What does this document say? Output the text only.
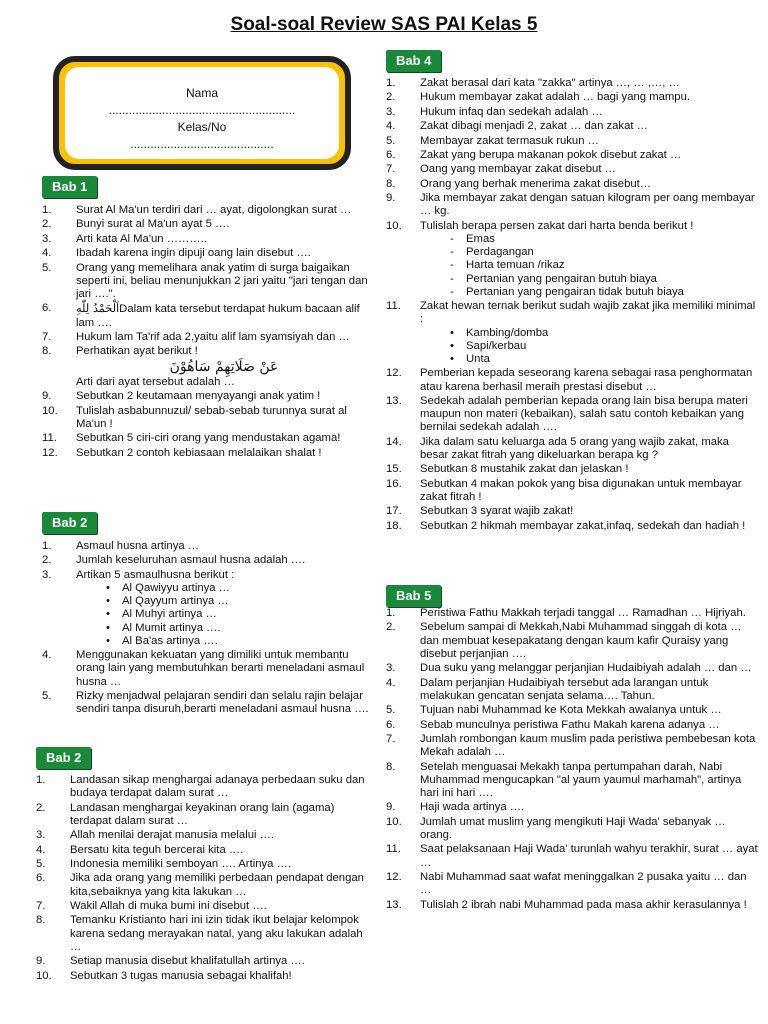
Soal-soal Review SAS PAI Kelas 5
Nama
........................................................
Kelas/No
...........................................
Bab 1
1.	Surat Al Ma'un terdiri dari … ayat, digolongkan surat …
2.	Bunyi surat al Ma'un ayat 5 ….
3.	Arti kata Al Ma'un ………..
4.	Ibadah karena ingin dipuji oang lain disebut ….
5.	Orang yang memelihara anak yatim di surga baigaikan seperti ini, beliau menunjukkan 2 jari yaitu "jari tengan dan jari ….".
6.	اَلْحَمْدُ لِلّٰهِDalam kata tersebut terdapat hukum bacaan alif lam ….
7.	Hukum lam Ta'rif ada 2,yaitu alif lam syamsiyah dan …
8.	Perhatikan ayat berikut !
عَنْ صَلَاتِهِمْ سَاهُوْنَ
Arti dari ayat tersebut adalah …
9.	Sebutkan 2 keutamaan menyayangi anak yatim !
10.	Tulislah asbabunnuzul/ sebab-sebab turunnya surat al Ma'un !
11.	Sebutkan 5 ciri-ciri orang yang mendustakan agama!
12.	Sebutkan 2 contoh kebiasaan melalaikan shalat !
Bab 2
1.	Asmaul husna artinya …
2.	Jumlah keseluruhan asmaul husna adalah ….
3.	Artikan 5 asmaulhusna berikut :
• Al Qawiyyu artinya …
• Al Qayyum artinya …
• Al Muhyi artinya …
• Al Mumit artinya ….
• Al Ba'as artinya ….
4.	Menggunakan kekuatan yang dimiliki untuk membantu orang lain yang membutuhkan berarti meneladani asmaul husna …
5.	Rizky menjadwal pelajaran sendiri dan selalu rajin belajar sendiri tanpa disuruh,berarti meneladani asmaul husna ….
Bab 2
1.	Landasan sikap menghargai adanaya perbedaan suku dan budaya terdapat dalam surat …
2.	Landasan menghargai keyakinan orang lain (agama) terdapat dalam surat …
3.	Allah menilai derajat manusia melalui ….
4.	Bersatu kita teguh bercerai kita ….
5.	Indonesia memiliki semboyan …. Artinya ….
6.	Jika ada orang yang memiliki perbedaan pendapat dengan kita,sebaiknya yang kita lakukan …
7.	Wakil Allah di muka bumi ini disebut ….
8.	Temanku Kristianto hari ini izin tidak ikut belajar kelompok karena sedang merayakan natal, yang aku lakukan adalah …
9.	Setiap manusia disebut khalifatullah artinya ….
10.	Sebutkan 3 tugas manusia sebagai khalifah!
Bab 4
1.	Zakat berasal dari kata "zakka" artinya …, … ,…, …
2.	Hukum membayar zakat adalah … bagi yang mampu.
3.	Hukum infaq dan sedekah adalah …
4.	Zakat dibagi menjadi 2, zakat … dan zakat …
5.	Membayar zakat termasuk rukun …
6.	Zakat yang berupa makanan pokok disebut zakat …
7.	Oang yang membayar zakat disebut …
8.	Orang yang berhak menerima zakat disebut…
9.	Jika membayar zakat dengan satuan kilogram per oang membayar … kg.
10.	Tulislah berapa persen zakat dari harta benda berikut !
- Emas
- Perdagangan
- Harta temuan /rikaz
- Pertanian yang pengairan butuh biaya
- Pertanian yang pengairan tidak butuh biaya
11.	Zakat hewan ternak berikut sudah wajib zakat jika memiliki minimal :
• Kambing/domba
• Sapi/kerbau
• Unta
12.	Pemberian kepada seseorang karena sebagai rasa penghormatan atau karena berhasil meraih prestasi disebut …
13.	Sedekah adalah pemberian kepada orang lain bisa berupa materi maupun non materi (kebaikan), salah satu contoh kebaikan yang bernilai sedekah adalah ….
14.	Jika dalam satu keluarga ada 5 orang yang wajib zakat, maka besar zakat fitrah yang dikeluarkan berapa kg ?
15.	Sebutkan 8 mustahik zakat dan jelaskan !
16.	Sebutkan 4 makan pokok yang bisa digunakan untuk membayar zakat fitrah !
17.	Sebutkan 3 syarat wajib zakat!
18.	Sebutkan 2 hikmah membayar zakat,infaq, sedekah dan hadiah !
Bab 5
1.	Peristiwa Fathu Makkah terjadi tanggal … Ramadhan … Hijriyah.
2.	Sebelum sampai di Mekkah,Nabi Muhammad singgah di kota … dan membuat kesepakatang dengan kaum kafir Quraisy yang disebut perjanjian ….
3.	Dua suku yang melanggar perjanjian Hudaibiyah adalah … dan …
4.	Dalam perjanjian Hudaibiyah tersebut ada larangan untuk melakukan gencatan senjata selama…. Tahun.
5.	Tujuan nabi Muhammad ke Kota Mekkah awalanya untuk …
6.	Sebab munculnya peristiwa Fathu Makah karena adanya …
7.	Jumlah rombongan kaum muslim pada peristiwa pembebesan kota Mekah adalah …
8.	Setelah menguasai Mekakh tanpa pertumpahan darah, Nabi Muhammad mengucapkan "al yaum yaumul marhamah", artinya hari ini hari ….
9.	Haji wada artinya ….
10.	Jumlah umat muslim yang mengikuti Haji Wada' sebanyak … orang.
11.	Saat pelaksanaan Haji Wada' turunlah wahyu terakhir, surat … ayat …
12.	Nabi Muhammad saat wafat meninggalkan 2 pusaka yaitu … dan …
13.	Tulislah 2 ibrah nabi Muhammad pada masa akhir kerasulannya !
